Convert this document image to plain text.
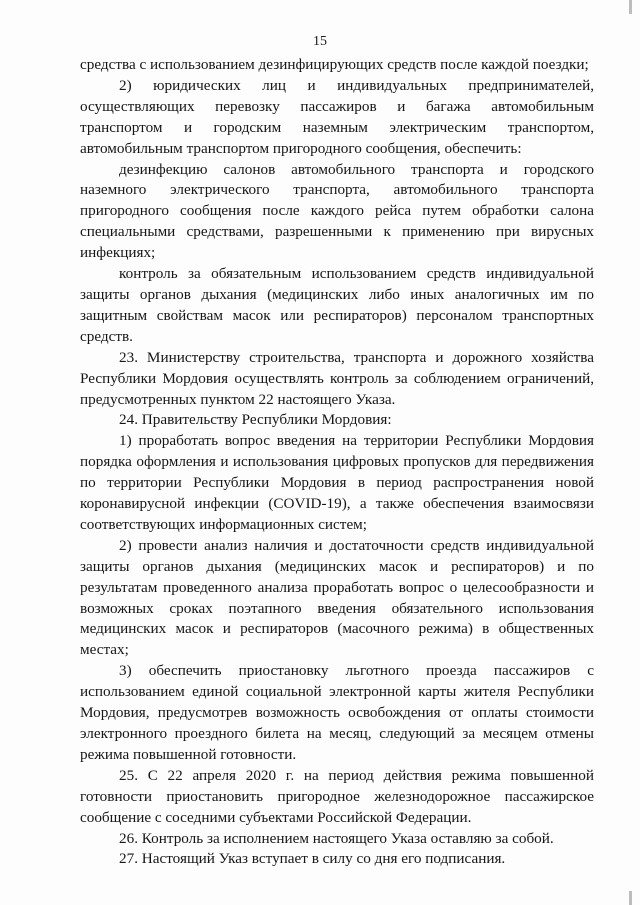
15

средства с использованием дезинфицирующих средств после каждой поездки;

2) юридических лиц и индивидуальных предпринимателей, осуществляющих перевозку пассажиров и багажа автомобильным транспортом и городским наземным электрическим транспортом, автомобильным транспортом пригородного сообщения, обеспечить:

дезинфекцию салонов автомобильного транспорта и городского наземного электрического транспорта, автомобильного транспорта пригородного сообщения после каждого рейса путем обработки салона специальными средствами, разрешенными к применению при вирусных инфекциях;

контроль за обязательным использованием средств индивидуальной защиты органов дыхания (медицинских либо иных аналогичных им по защитным свойствам масок или респираторов) персоналом транспортных средств.

23. Министерству строительства, транспорта и дорожного хозяйства Республики Мордовия осуществлять контроль за соблюдением ограничений, предусмотренных пунктом 22 настоящего Указа.

24. Правительству Республики Мордовия:

1) проработать вопрос введения на территории Республики Мордовия порядка оформления и использования цифровых пропусков для передвижения по территории Республики Мордовия в период распространения новой коронавирусной инфекции (COVID-19), а также обеспечения взаимосвязи соответствующих информационных систем;

2) провести анализ наличия и достаточности средств индивидуальной защиты органов дыхания (медицинских масок и респираторов) и по результатам проведенного анализа проработать вопрос о целесообразности и возможных сроках поэтапного введения обязательного использования медицинских масок и респираторов (масочного режима) в общественных местах;

3) обеспечить приостановку льготного проезда пассажиров с использованием единой социальной электронной карты жителя Республики Мордовия, предусмотрев возможность освобождения от оплаты стоимости электронного проездного билета на месяц, следующий за месяцем отмены режима повышенной готовности.

25. С 22 апреля 2020 г. на период действия режима повышенной готовности приостановить пригородное железнодорожное пассажирское сообщение с соседними субъектами Российской Федерации.

26. Контроль за исполнением настоящего Указа оставляю за собой.

27. Настоящий Указ вступает в силу со дня его подписания.
